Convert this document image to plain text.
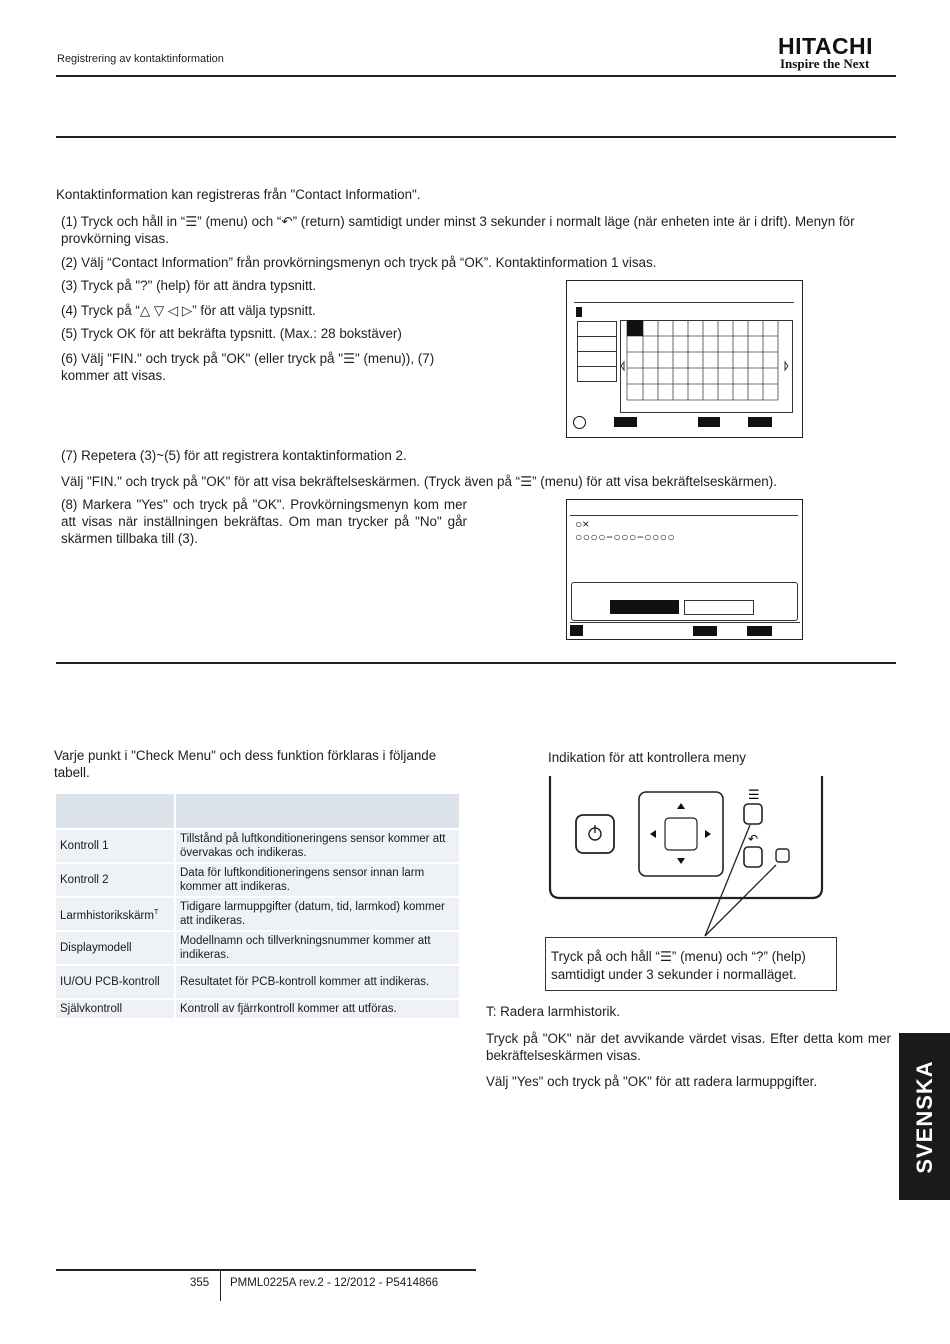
Registrering av kontaktinformation	HITACHI
Inspire the Next
Kontaktinformation kan registreras från "Contact Information".
(1) Tryck och håll in “☰” (menu) och “↶” (return) samtidigt under minst 3 sekunder i normalt läge (när enheten inte är i drift). Menyn för provkörning visas.
(2) Välj “Contact Information” från provkörningsmenyn och tryck på “OK”. Kontaktinformation 1 visas.
(3) Tryck på "?" (help) för att ändra typsnitt.
(4) Tryck på “△ ▽ ◁ ▷” för att välja typsnitt.
(5) Tryck OK för att bekräfta typsnitt. (Max.: 28 bokstäver)
(6) Välj "FIN." och tryck på "OK" (eller tryck på "☰" (menu)), (7) kommer att visas.
(7) Repetera (3)~(5) för att registrera kontaktinformation 2.
Välj "FIN." och tryck på "OK" för att visa bekräftelseskärmen. (Tryck även på “☰” (menu) för att visa bekräftelseskärmen).
(8) Markera "Yes" och tryck på "OK". Provkörningsmenyn kom mer att visas när inställningen bekräftas. Om man trycker på "No" går skärmen tillbaka till (3).
○×
○○○○−○○○−○○○○
Varje punkt i "Check Menu" och dess funktion förklaras i följande tabell.

Kontroll 1	Tillstånd på luftkonditioneringens sensor kommer att övervakas och indikeras.
Kontroll 2	Data för luftkonditioneringens sensor innan larm kommer att indikeras.
Larmhistorikskärm$^T$	Tidigare larmuppgifter (datum, tid, larmkod) kommer att indikeras.
Displaymodell	Modellnamn och tillverkningsnummer kommer att indikeras.
IU/OU PCB-kontroll	Resultatet för PCB-kontroll kommer att indikeras.
Självkontroll	Kontroll av fjärrkontroll kommer att utföras.
Indikation för att kontrollera meny
☰
↶
Tryck på och håll “☰” (menu) och “?” (help) samtidigt under 3 sekunder i normalläget.
T: Radera larmhistorik.
Tryck på "OK" när det avvikande värdet visas. Efter detta kom mer bekräftelseskärmen visas.
Välj "Yes" och tryck på "OK" för att radera larmuppgifter.	SVENSKA
355 PMML0225A rev.2 - 12/2012 - P5414866
